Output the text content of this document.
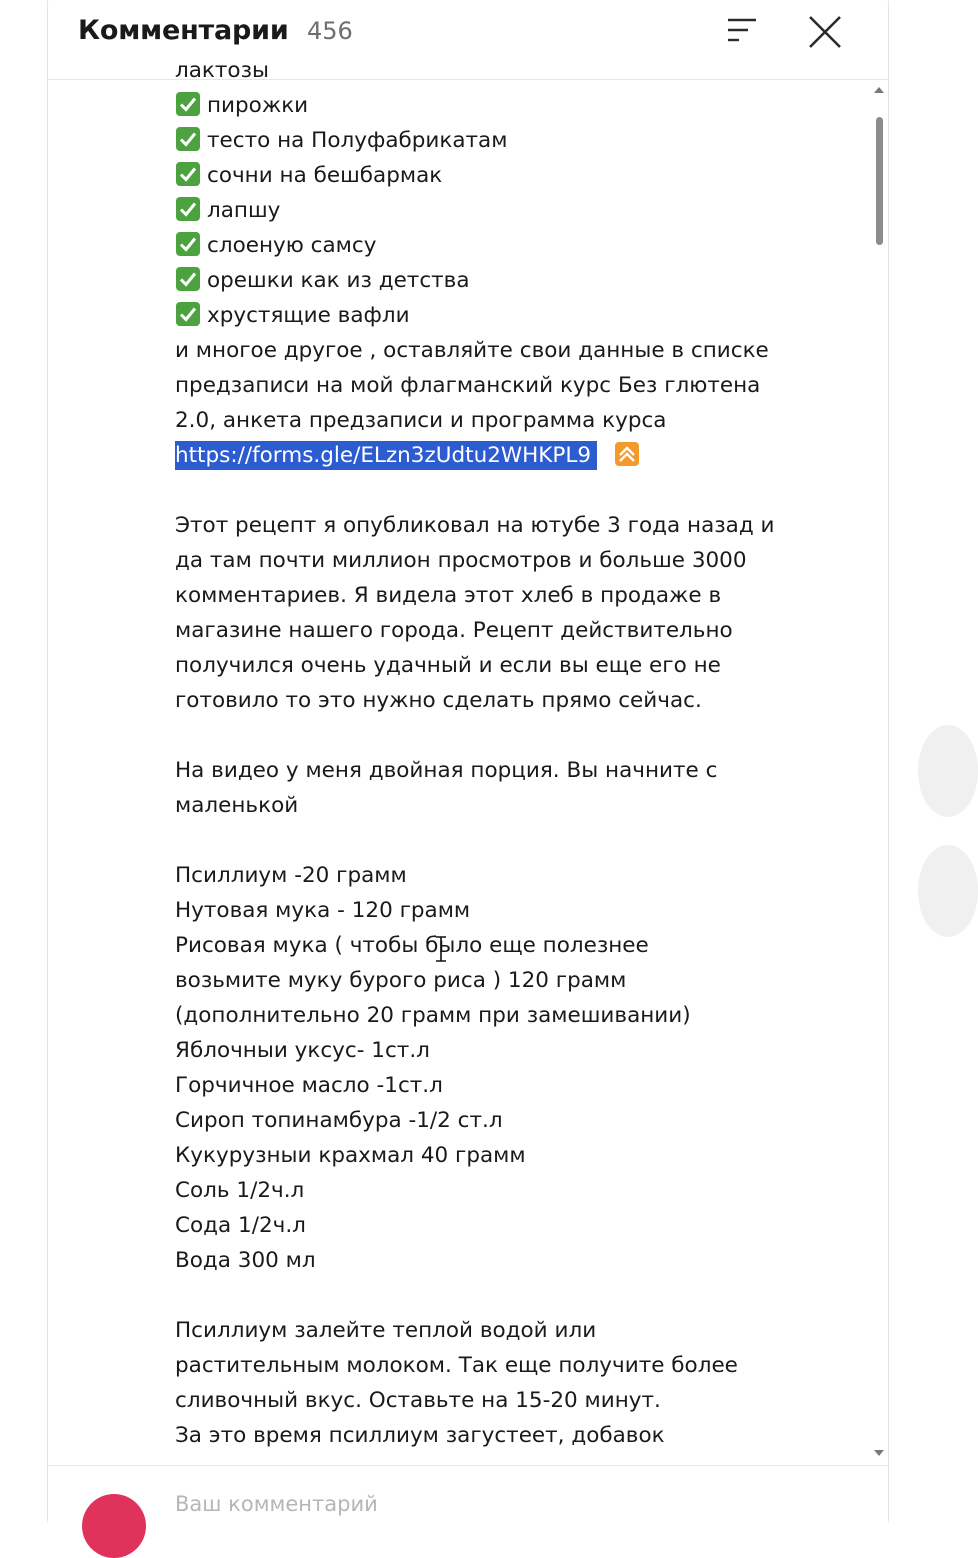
Комментарии 456
лактозы
пирожки
тесто на Полуфабрикатам
сочни на бешбармак
лапшу
слоеную самсу
орешки как из детства
хрустящие вафли
и многое другое , оставляйте свои данные в списке
предзаписи на мой флагманский курс Без глютена
2.0, анкета предзаписи и программа курса
https://forms.gle/ELzn3zUdtu2WHKPL9
Этот рецепт я опубликовал на ютубе 3 года назад и
да там почти миллион просмотров и больше 3000
комментариев. Я видела этот хлеб в продаже в
магазине нашего города. Рецепт действительно
получился очень удачный и если вы еще его не
готовило то это нужно сделать прямо сейчас.
На видео у меня двойная порция. Вы начните с
маленькой
Псиллиум -20 грамм
Нутовая мука - 120 грамм
Рисовая мука ( чтобы было еще полезнее
возьмите муку бурого риса ) 120 грамм
(дополнительно 20 грамм при замешивании)
Яблочныи уксус- 1ст.л
Горчичное масло -1ст.л
Сироп топинамбура -1/2 ст.л
Кукурузныи крахмал 40 грамм
Соль 1/2ч.л
Сода 1/2ч.л
Вода 300 мл
Псиллиум залейте теплой водой или
растительным молоком. Так еще получите более
сливочный вкус. Оставьте на 15-20 минут.
За это время псиллиум загустеет, добавок
Ваш комментарий
